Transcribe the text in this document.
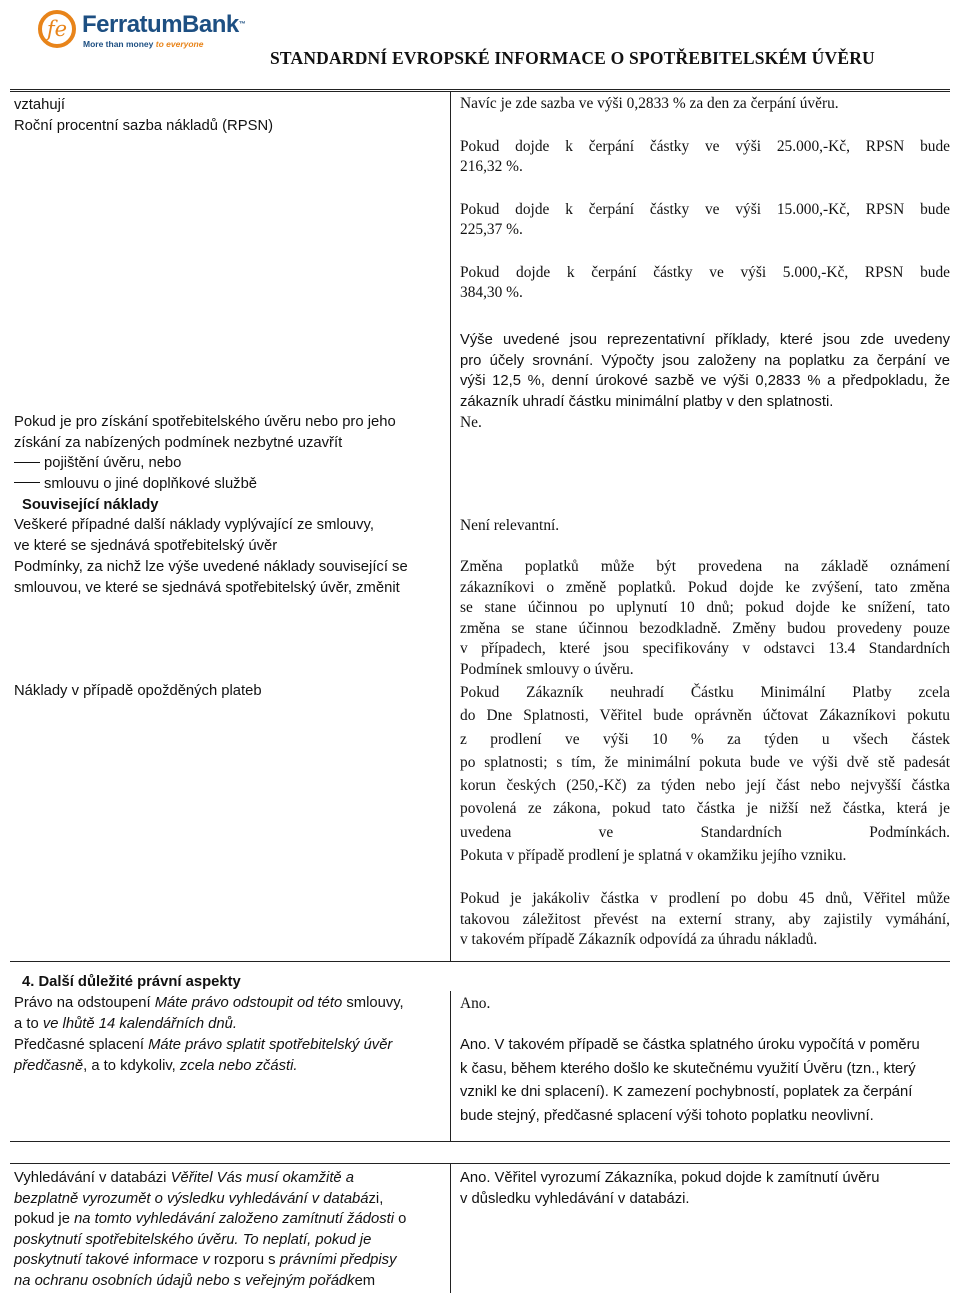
fe FerratumBank™
More than money to everyone
STANDARDNÍ EVROPSKÉ INFORMACE O SPOTŘEBITELSKÉM ÚVĚRU

vztahují

Roční procentní sazba nákladů (RPSN)

Navíc je zde sazba ve výši 0,2833 % za den za čerpání úvěru.

Pokud dojde k čerpání částky ve výši 25.000,-Kč, RPSN bude

216,32 %.

Pokud dojde k čerpání částky ve výši 15.000,-Kč, RPSN bude

225,37 %.

Pokud dojde k čerpání částky ve výši 5.000,-Kč, RPSN bude

384,30 %.

Výše uvedené jsou reprezentativní příklady, které jsou zde uvedeny

pro účely srovnání. Výpočty jsou založeny na poplatku za čerpání ve

výši 12,5 %, denní úrokové sazbě ve výši 0,2833 % a předpokladu, že

zákazník uhradí částku minimální platby v den splatnosti.

Pokud je pro získání spotřebitelského úvěru nebo pro jeho

získání za nabízených podmínek nezbytné uzavřít

pojištění úvěru, nebo

smlouvu o jiné doplňkové službě

Ne.
Související náklady

Veškeré případné další náklady vyplývající ze smlouvy,

ve které se sjednává spotřebitelský úvěr

Není relevantní.

Podmínky, za nichž lze výše uvedené náklady související se

smlouvou, ve které se sjednává spotřebitelský úvěr, změnit

Změna poplatků může být provedena na základě oznámení

zákazníkovi o změně poplatků. Pokud dojde ke zvýšení, tato změna

se stane účinnou po uplynutí 10 dnů; pokud dojde ke snížení, tato

změna se stane účinnou bezodkladně. Změny budou provedeny pouze

v případech, které jsou specifikovány v odstavci 13.4 Standardních

Podmínek smlouvy o úvěru.

Náklady v případě opožděných plateb	Pokud Zákazník neuhradí Částku Minimální Platby zcela

do Dne Splatnosti, Věřitel bude oprávněn účtovat Zákazníkovi pokutu

z prodlení ve výši 10 % za týden u všech částek

po splatnosti; s tím, že minimální pokuta bude ve výši dvě stě padesát

korun českých (250,-Kč) za týden nebo její část nebo nejvyšší částka

povolená ze zákona, pokud tato částka je nižší než částka, která je

uvedena ve Standardních Podmínkách.

Pokuta v případě prodlení je splatná v okamžiku jejího vzniku.

Pokud je jakákoliv částka v prodlení po dobu 45 dnů, Věřitel může

takovou záležitost převést na externí strany, aby zajistily vymáhání,

v takovém případě Zákazník odpovídá za úhradu nákladů.

4. Další důležité právní aspekty

Právo na odstoupení Máte právo odstoupit od této smlouvy,

a to ve lhůtě 14 kalendářních dnů.

Ano.

Předčasné splacení Máte právo splatit spotřebitelský úvěr

předčasně, a to kdykoliv, zcela nebo zčásti.

Ano. V takovém případě se částka splatného úroku vypočítá v poměru

k času, během kterého došlo ke skutečnému využití Úvěru (tzn., který

vznikl ke dni splacení). K zamezení pochybností, poplatek za čerpání

bude stejný, předčasné splacení výši tohoto poplatku neovlivní.

Vyhledávání v databázi Věřitel Vás musí okamžitě a

bezplatně vyrozumět o výsledku vyhledávání v databázi,

pokud je na tomto vyhledávání založeno zamítnutí žádosti o

poskytnutí spotřebitelského úvěru. To neplatí, pokud je

poskytnutí takové informace v rozporu s právními předpisy

na ochranu osobních údajů nebo s veřejným pořádkem

Ano. Věřitel vyrozumí Zákazníka, pokud dojde k zamítnutí úvěru

v důsledku vyhledávání v databázi.
